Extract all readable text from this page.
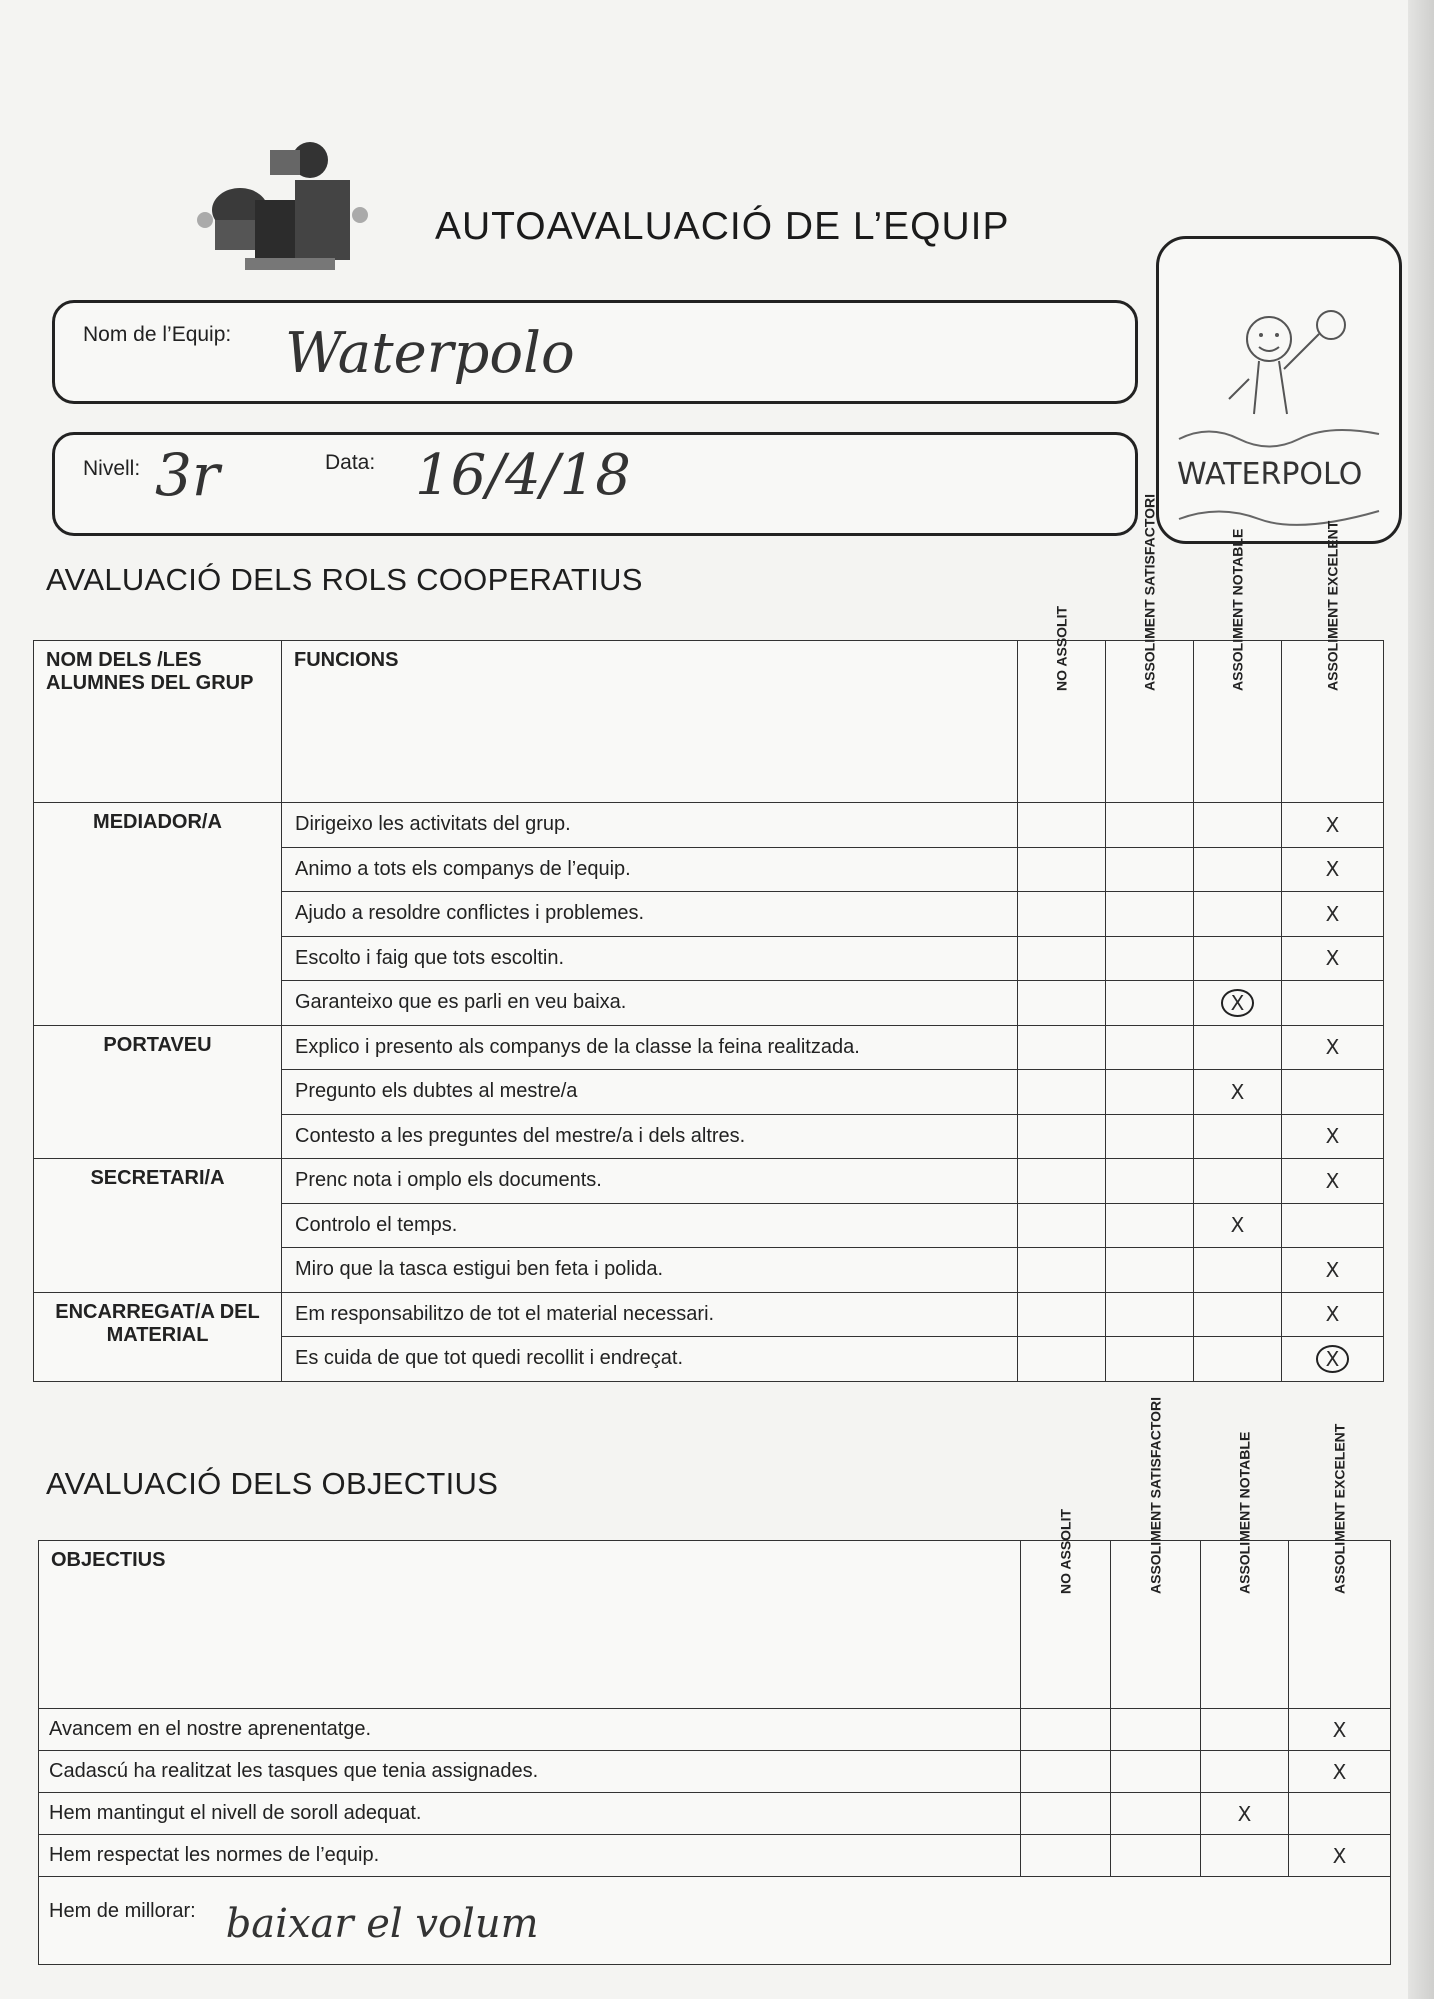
AUTOAVALUACIÓ DE L’EQUIP
Nom de l’Equip: Waterpolo
Nivell: 3r	Data: 16/4/18	WATERPOLO
AVALUACIÓ DELS ROLS COOPERATIUS
NOM DELS /LES ALUMNES DEL GRUP	FUNCIONS	NO ASSOLIT	ASSOLIMENT SATISFACTORI	ASSOLIMENT NOTABLE	ASSOLIMENT EXCELENT

MEDIADOR/A	Dirigeixo les activitats del grup.				X
	Animo a tots els companys de l’equip.				X
	Ajudo a resoldre conflictes i problemes.				X
	Escolto i faig que tots escoltin.				X
	Garanteixo que es parli en veu baixa.			X	
PORTAVEU	Explico i presento als companys de la classe la feina realitzada.				X
	Pregunto els dubtes al mestre/a			X	
	Contesto a les preguntes del mestre/a i dels altres.				X
SECRETARI/A	Prenc nota i omplo els documents.				X
	Controlo el temps.			X	
	Miro que la tasca estigui ben feta i polida.				X
ENCARREGAT/A DEL MATERIAL	Em responsabilitzo de tot el material necessari.				X
	Es cuida de que tot quedi recollit i endreçat.				X
AVALUACIÓ DELS OBJECTIUS
OBJECTIUS	NO ASSOLIT	ASSOLIMENT SATISFACTORI	ASSOLIMENT NOTABLE	ASSOLIMENT EXCELENT

Avancem en el nostre aprenentatge.				X
Cadascú ha realitzat les tasques que tenia assignades.				X
Hem mantingut el nivell de soroll adequat.			X	
Hem respectat les normes de l’equip.				X
Hem de millorar: baixar el volum				
